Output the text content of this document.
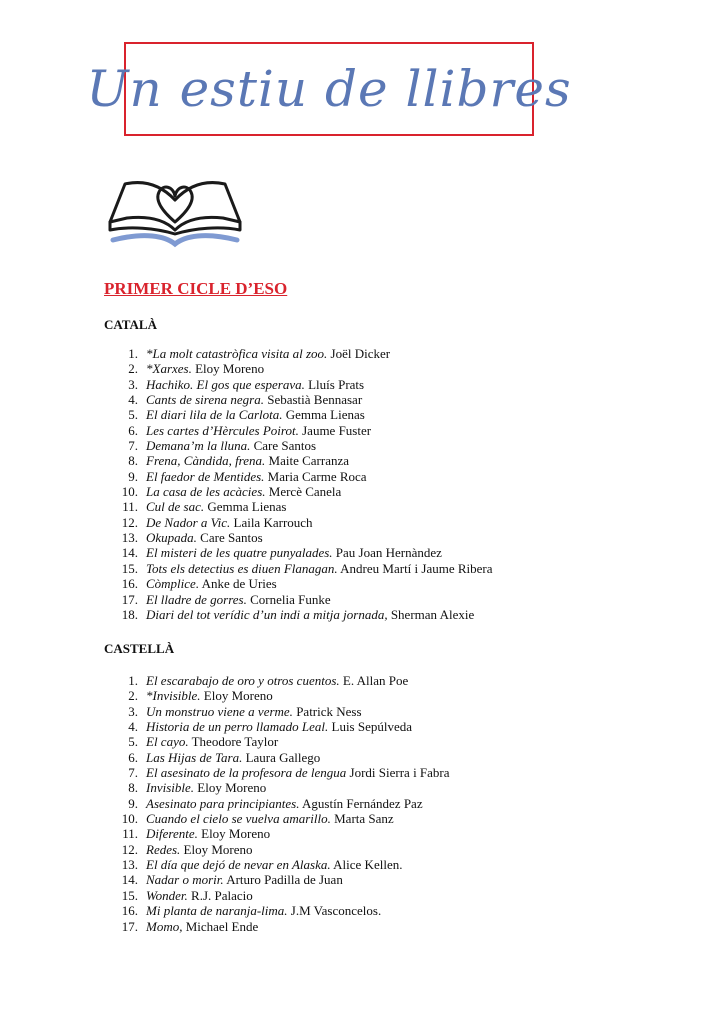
Un estiu de llibres
PRIMER CICLE D’ESO
CATALÀ
1. *La molt catastròfica visita al zoo. Joël Dicker
2. *Xarxes. Eloy Moreno
3. Hachiko. El gos que esperava. Lluís Prats
4. Cants de sirena negra. Sebastià Bennasar
5. El diari lila de la Carlota. Gemma Lienas
6. Les cartes d’Hèrcules Poirot. Jaume Fuster
7. Demana’m la lluna. Care Santos
8. Frena, Càndida, frena. Maite Carranza
9. El faedor de Mentides. Maria Carme Roca
10. La casa de les acàcies. Mercè Canela
11. Cul de sac. Gemma Lienas
12. De Nador a Vic. Laila Karrouch
13. Okupada. Care Santos
14. El misteri de les quatre punyalades. Pau Joan Hernàndez
15. Tots els detectius es diuen Flanagan. Andreu Martí i Jaume Ribera
16. Còmplice. Anke de Uries
17. El lladre de gorres. Cornelia Funke
18. Diari del tot verídic d’un indi a mitja jornada, Sherman Alexie
CASTELLÀ
1. El escarabajo de oro y otros cuentos. E. Allan Poe
2. *Invisible. Eloy Moreno
3. Un monstruo viene a verme. Patrick Ness
4. Historia de un perro llamado Leal. Luis Sepúlveda
5. El cayo. Theodore Taylor
6. Las Hijas de Tara. Laura Gallego
7. El asesinato de la profesora de lengua Jordi Sierra i Fabra
8. Invisible. Eloy Moreno
9. Asesinato para principiantes. Agustín Fernández Paz
10. Cuando el cielo se vuelva amarillo. Marta Sanz
11. Diferente. Eloy Moreno
12. Redes. Eloy Moreno
13. El día que dejó de nevar en Alaska. Alice Kellen.
14. Nadar o morir. Arturo Padilla de Juan
15. Wonder. R.J. Palacio
16. Mi planta de naranja-lima. J.M Vasconcelos.
17. Momo, Michael Ende
